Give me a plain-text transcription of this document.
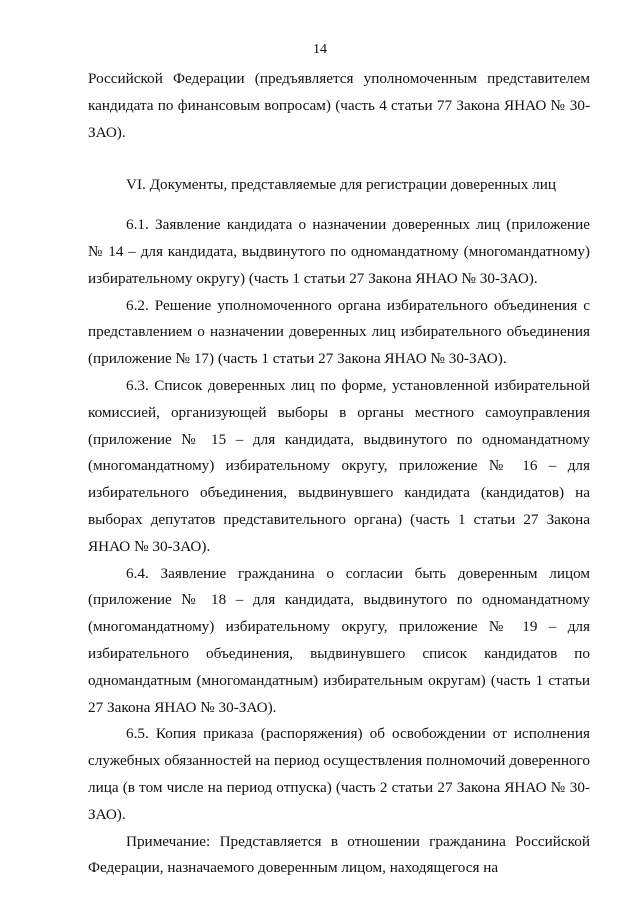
14

Российской Федерации (предъявляется уполномоченным представителем кандидата по финансовым вопросам) (часть 4 статьи 77 Закона ЯНАО № 30-ЗАО).

VI. Документы, представляемые для регистрации доверенных лиц

6.1. Заявление кандидата о назначении доверенных лиц (приложение № 14 – для кандидата, выдвинутого по одномандатному (многомандатному) избирательному округу) (часть 1 статьи 27 Закона ЯНАО № 30-ЗАО).

6.2. Решение уполномоченного органа избирательного объединения с представлением о назначении доверенных лиц избирательного объединения (приложение № 17) (часть 1 статьи 27 Закона ЯНАО № 30-ЗАО).

6.3. Список доверенных лиц по форме, установленной избирательной комиссией, организующей выборы в органы местного самоуправления (приложение № 15 – для кандидата, выдвинутого по одномандатному (многомандатному) избирательному округу, приложение № 16 – для избирательного объединения, выдвинувшего кандидата (кандидатов) на выборах депутатов представительного органа) (часть 1 статьи 27 Закона ЯНАО № 30-ЗАО).

6.4. Заявление гражданина о согласии быть доверенным лицом (приложение № 18 – для кандидата, выдвинутого по одномандатному (многомандатному) избирательному округу, приложение № 19 – для избирательного объединения, выдвинувшего список кандидатов по одномандатным (многомандатным) избирательным округам) (часть 1 статьи 27 Закона ЯНАО № 30-ЗАО).

6.5. Копия приказа (распоряжения) об освобождении от исполнения служебных обязанностей на период осуществления полномочий доверенного лица (в том числе на период отпуска) (часть 2 статьи 27 Закона ЯНАО № 30-ЗАО).

Примечание: Представляется в отношении гражданина Российской Федерации, назначаемого доверенным лицом, находящегося на
